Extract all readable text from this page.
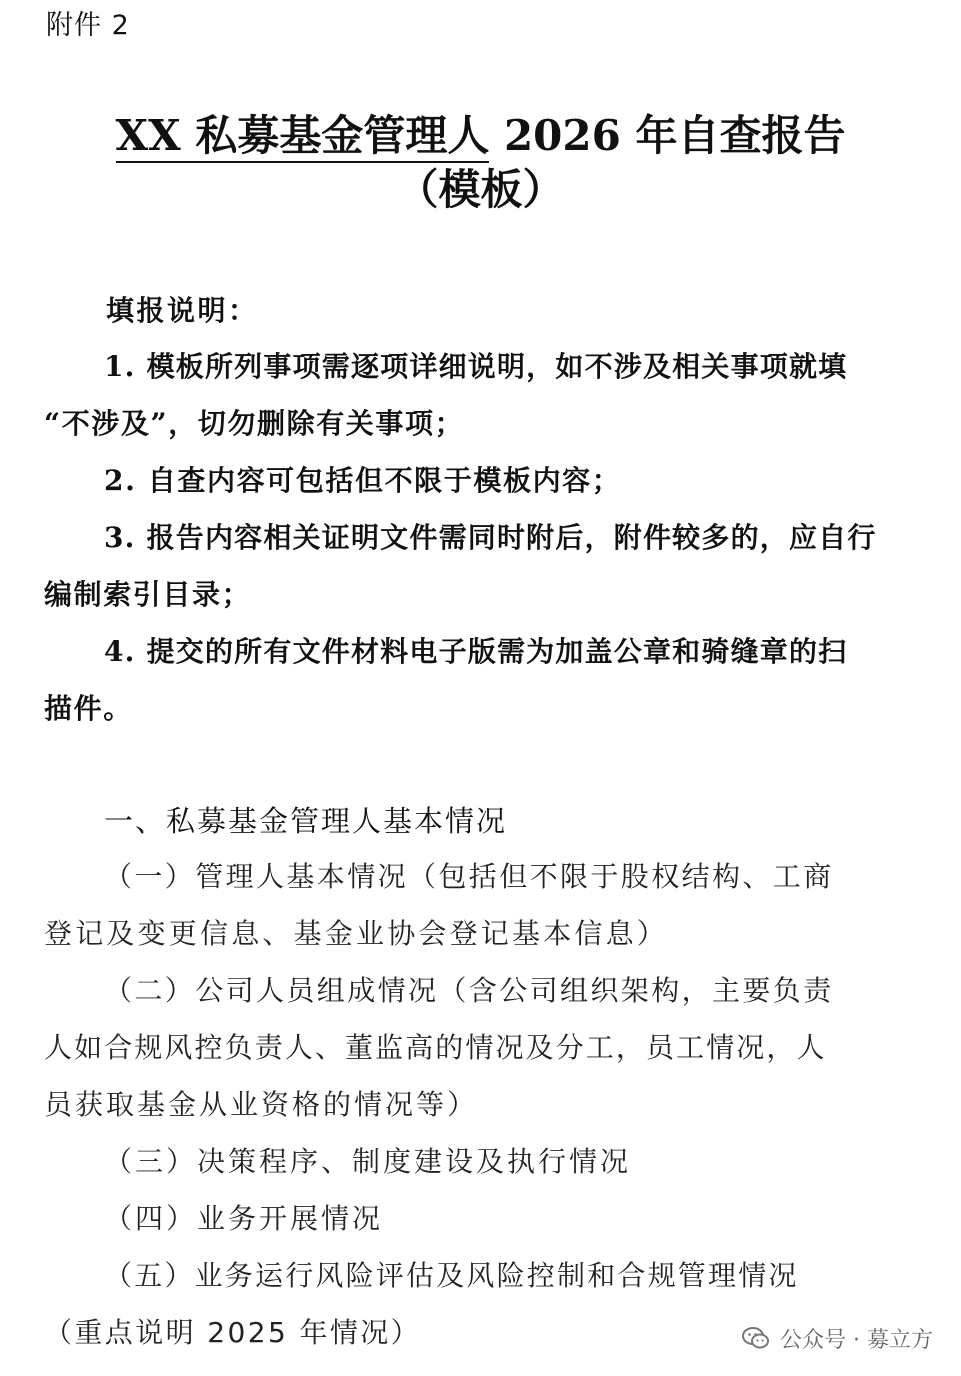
附件 2
XX 私募基金管理人 2026 年自查报告
（模板）
填报说明：
1. 模板所列事项需逐项详细说明，如不涉及相关事项就填
“不涉及”，切勿删除有关事项；
2. 自查内容可包括但不限于模板内容；
3. 报告内容相关证明文件需同时附后，附件较多的，应自行
编制索引目录；
4. 提交的所有文件材料电子版需为加盖公章和骑缝章的扫
描件。
一、私募基金管理人基本情况
（一）管理人基本情况（包括但不限于股权结构、工商
登记及变更信息、基金业协会登记基本信息）
（二）公司人员组成情况（含公司组织架构，主要负责
人如合规风控负责人、董监高的情况及分工，员工情况，人
员获取基金从业资格的情况等）
（三）决策程序、制度建设及执行情况
（四）业务开展情况
（五）业务运行风险评估及风险控制和合规管理情况
（重点说明 2025 年情况）	公众号 · 募立方
